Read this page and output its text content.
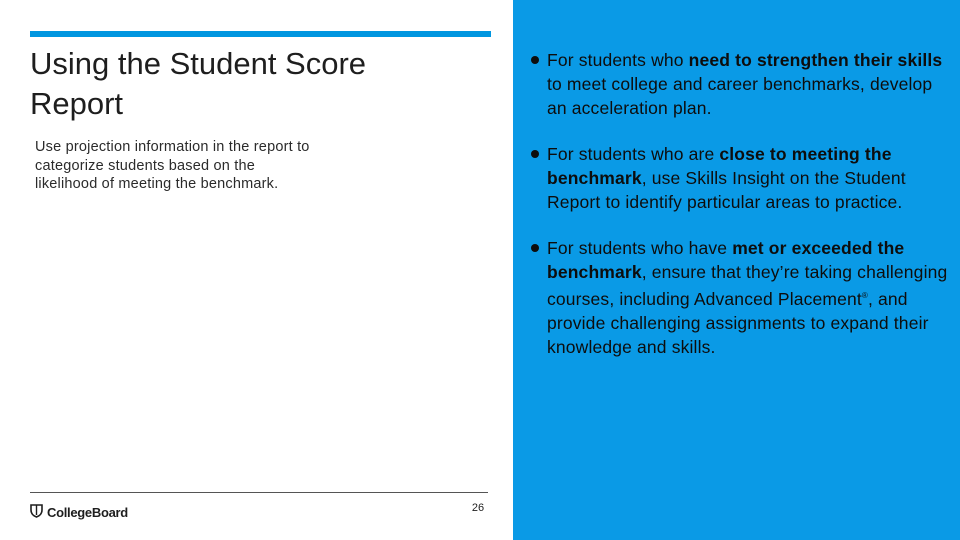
Using the Student Score Report

Use projection information in the report to categorize students based on the likelihood of meeting the benchmark.

CollegeBoard	26
For students who need to strengthen their skills to meet college and career benchmarks, develop an acceleration plan.
For students who are close to meeting the benchmark, use Skills Insight on the Student Report to identify particular areas to practice.
For students who have met or exceeded the benchmark, ensure that they’re taking challenging courses, including Advanced Placement®, and provide challenging assignments to expand their knowledge and skills.
